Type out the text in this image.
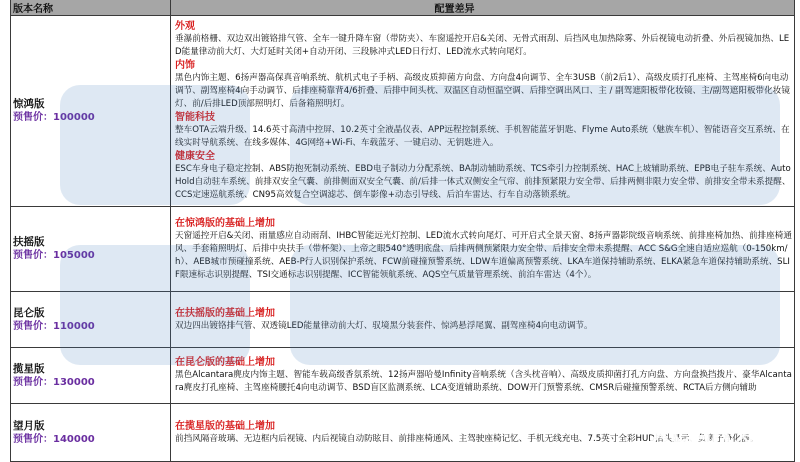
版本名称	配置差异
惊鸿版
预售价：100000
外观
垂瀑前格栅、双边双出镀铬排气管、全车一键升降车窗（带防夹）、车窗遥控开启&关闭、无骨式雨刮、后挡风电加热除雾、外后视镜电动折叠、外后视镜加热、LED能量律动前大灯、大灯延时关闭+自动开闭、三段脉冲式LED日行灯、LED流水式转向尾灯。
内饰
黑色内饰主题、6扬声器高保真音响系统、航机式电子手柄、高级皮质抑菌方向盘、方向盘4向调节、全车3USB（前2后1）、高级皮质打孔座椅、主驾座椅6向电动调节、副驾座椅4向手动调节、后排座椅靠背4/6折叠、后排中间头枕、双温区自动恒温空调、后排空调出风口、主 / 副驾遮阳板带化妆镜、主/副驾遮阳板带化妆镜灯、前/后排LED顶部照明灯、后备箱照明灯。
智能科技
整车OTA云端升级、14.6英寸高清中控屏、10.2英寸全液晶仪表、APP远程控制系统、手机智能蓝牙钥匙、Flyme Auto系统（魅族车机）、智能语音交互系统、在线实时导航系统、在线多媒体、4G网络+Wi-Fi、车载蓝牙、一键启动、无钥匙进入。
健康安全
ESC车身电子稳定控制、ABS防抱死制动系统、EBD电子制动力分配系统、BA制动辅助系统、TCS牵引力控制系统、HAC上坡辅助系统、EPB电子驻车系统、Auto Hold自动驻车系统、前排双安全气囊、前排侧面双安全气囊、前/后排一体式双侧安全气帘、前排预紧限力安全带、后排两侧非限力安全带、前排安全带未系提醒、CCS定速巡航系统、CN95高效复合空调滤芯、倒车影像+动态引导线、后泊车雷达、行车自动落锁系统。
扶摇版
预售价：105000
在惊鸿版的基础上增加
天窗遥控开启&关闭、雨量感应自动雨刮、IHBC智能远光灯控制、LED流水式转向尾灯、可开启式全景天窗、8扬声器影院级音响系统、前排座椅加热、前排座椅通风、手套箱照明灯、后排中央扶手（带杯架）、上帝之眼540°透明底盘、后排两侧预紧限力安全带、后排安全带未系提醒、ACC S&G全速自适应巡航（0-150km/h）、AEB城市预碰撞系统、AEB-P行人识别保护系统、FCW前碰撞预警系统、LDW车道偏离预警系统、LKA车道保持辅助系统、ELKA紧急车道保持辅助系统、SLIF限速标志识别提醒、TSI交通标志识别提醒、ICC智能领航系统、AQS空气质量管理系统、前泊车雷达（4个）。
昆仑版
预售价：110000
在扶摇版的基础上增加
双边四出镀铬排气管、双透镜LED能量律动前大灯、驭境黑分装套件、惊鸿悬浮尾翼、副驾座椅4向电动调节。
揽星版
预售价：130000
在昆仑版的基础上增加
黑色Alcantara麂皮内饰主题、智能车载高级香氛系统、12扬声器哈曼Infinity音响系统（含头枕音响）、高级皮质抑菌打孔方向盘、方向盘换挡拨片、豪华Alcantara麂皮打孔座椅、主驾座椅腰托4向电动调节、BSD盲区监测系统、LCA变道辅助系统、DOW开门预警系统、CMSR后碰撞预警系统、RCTA后方侧向辅助
望月版
预售价：140000
在揽星版的基础上增加
前挡风隔音玻璃、无边框内后视镜、内后视镜自动防眩目、前排座椅通风、主驾驶座椅记忆、手机无线充电、7.5英寸全彩HUD抬头显示、负离子净化器。
XCAR爱卡
